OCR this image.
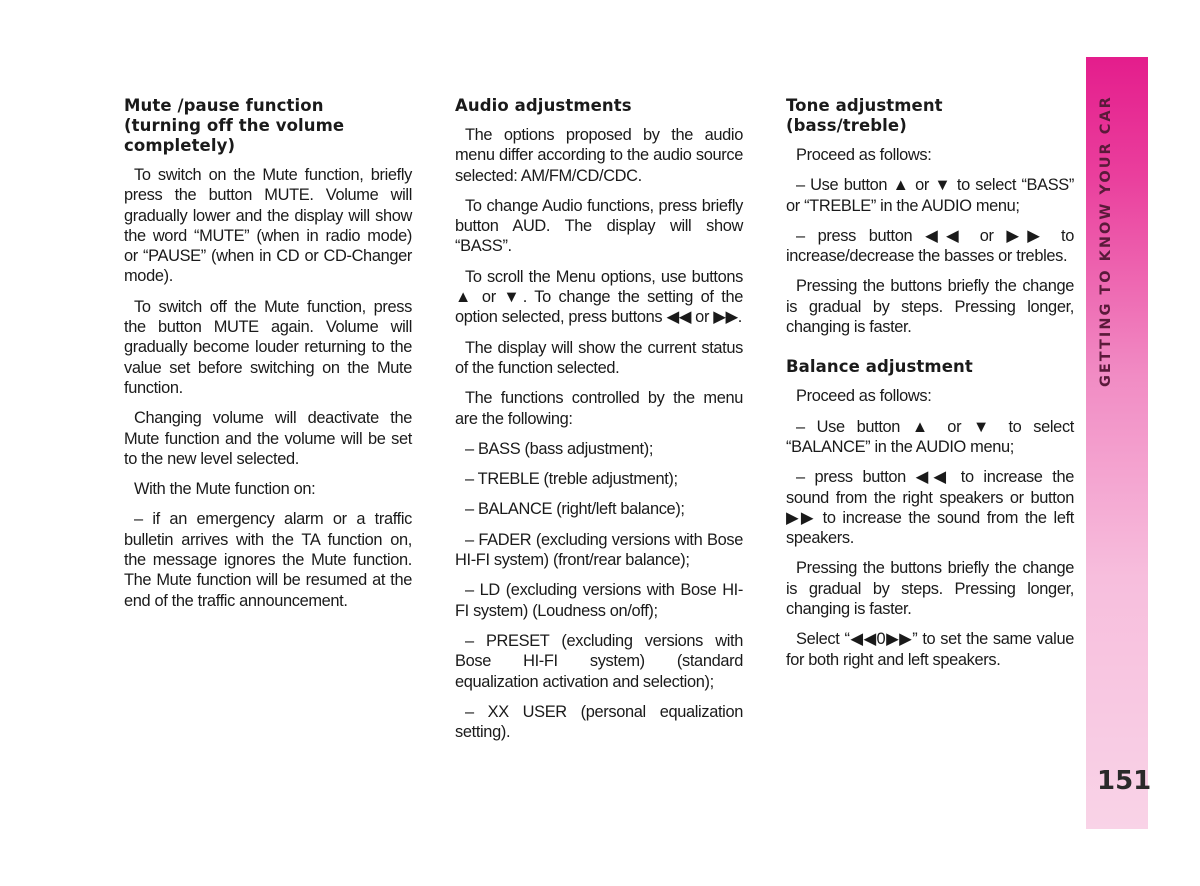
Mute /pause function
(turning off the volume
completely)

To switch on the Mute function, briefly press the button MUTE. Volume will gradually lower and the display will show the word “MUTE” (when in radio mode) or “PAUSE” (when in CD or CD-Changer mode).

To switch off the Mute function, press the button MUTE again. Volume will gradually become louder returning to the value set before switching on the Mute function.

Changing volume will deactivate the Mute function and the volume will be set to the new level selected.

With the Mute function on:

– if an emergency alarm or a traffic bulletin arrives with the TA function on, the message ignores the Mute function. The Mute function will be resumed at the end of the traffic announcement.

Audio adjustments

The options proposed by the audio menu differ according to the audio source selected: AM/FM/CD/CDC.

To change Audio functions, press briefly button AUD. The display will show “BASS”.

To scroll the Menu options, use buttons ▲ or ▼. To change the setting of the option selected, press buttons ◀◀ or ▶▶.

The display will show the current status of the function selected.

The functions controlled by the menu are the following:

– BASS (bass adjustment);

– TREBLE (treble adjustment);

– BALANCE (right/left balance);

– FADER (excluding versions with Bose HI-FI system) (front/rear balance);

– LD (excluding versions with Bose HI-FI system) (Loudness on/off);

– PRESET (excluding versions with Bose HI-FI system) (standard equalization activation and selection);

– XX USER (personal equalization setting).

Tone adjustment
(bass/treble)

Proceed as follows:

– Use button ▲ or ▼ to select “BASS” or “TREBLE” in the AUDIO menu;

– press button ◀◀ or ▶▶ to increase/decrease the basses or trebles.

Pressing the buttons briefly the change is gradual by steps. Pressing longer, changing is faster.

Balance adjustment

Proceed as follows:

– Use button ▲ or ▼ to select “BALANCE” in the AUDIO menu;

– press button ◀◀ to increase the sound from the right speakers or button ▶▶ to increase the sound from the left speakers.

Pressing the buttons briefly the change is gradual by steps. Pressing longer, changing is faster.

Select “◀◀0▶▶” to set the same value for both right and left speakers.

GETTING TO KNOW YOUR CAR
151
